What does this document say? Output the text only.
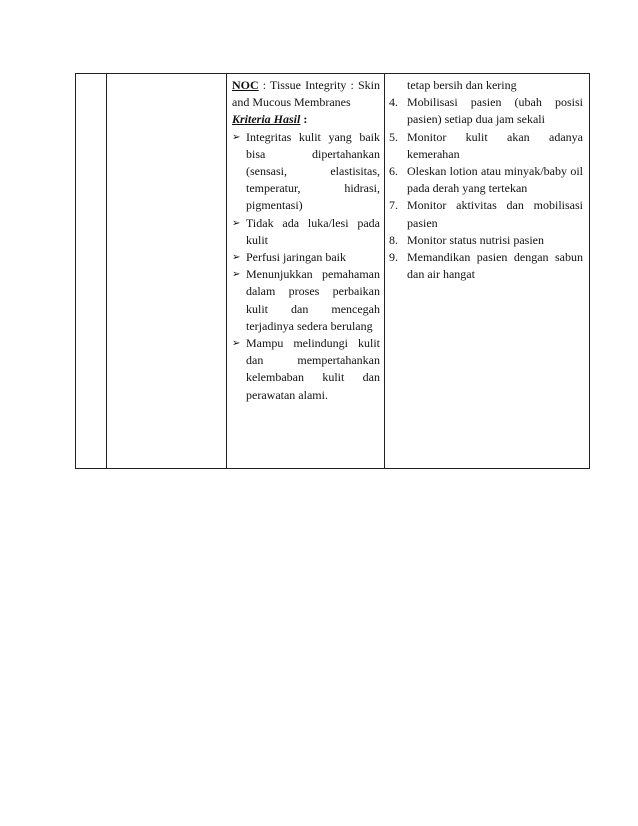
NOC : Tissue Integrity : Skin and Mucous Membranes
Kriteria Hasil :
➢ Integritas kulit yang baik bisa dipertahankan (sensasi, elastisitas, temperatur, hidrasi, pigmentasi)
➢ Tidak ada luka/lesi pada kulit
➢ Perfusi jaringan baik
➢ Menunjukkan pemahaman dalam proses perbaikan kulit dan mencegah terjadinya sedera berulang
➢ Mampu melindungi kulit dan mempertahankan kelembaban kulit dan perawatan alami.

tetap bersih dan kering
4. Mobilisasi pasien (ubah posisi pasien) setiap dua jam sekali
5. Monitor kulit akan adanya kemerahan
6. Oleskan lotion atau minyak/baby oil pada derah yang tertekan
7. Monitor aktivitas dan mobilisasi pasien
8. Monitor status nutrisi pasien
9. Memandikan pasien dengan sabun dan air hangat
